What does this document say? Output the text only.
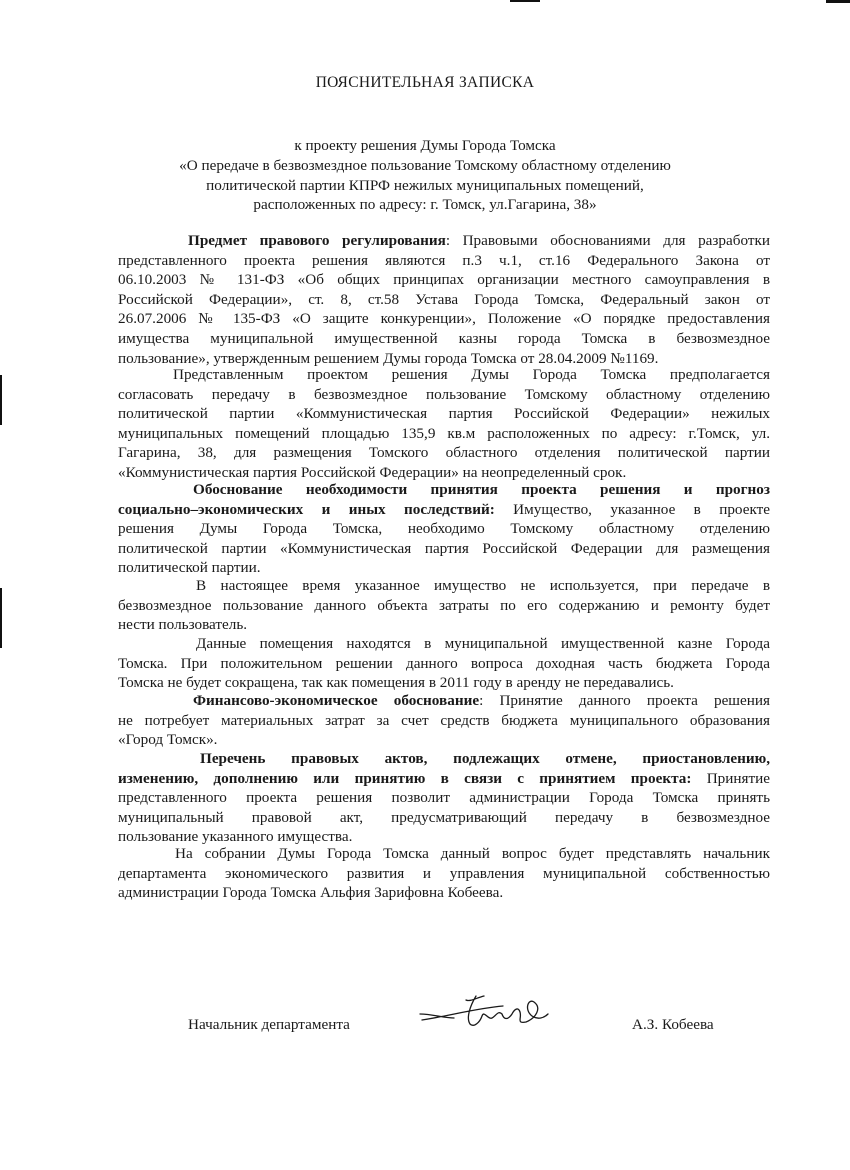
ПОЯСНИТЕЛЬНАЯ ЗАПИСКА
к проекту решения Думы Города Томска
«О передаче в безвозмездное пользование Томскому областному отделению
политической партии КПРФ нежилых муниципальных помещений,
расположенных по адресу: г. Томск, ул.Гагарина, 38»
Предмет правового регулирования: Правовыми обоснованиями для разработки
представленного проекта решения являются п.3 ч.1, ст.16 Федерального Закона от
06.10.2003 № 131-ФЗ «Об общих принципах организации местного самоуправления в
Российской Федерации», ст. 8, ст.58 Устава Города Томска, Федеральный закон от
26.07.2006 № 135-ФЗ «О защите конкуренции», Положение «О порядке предоставления
имущества муниципальной имущественной казны города Томска в безвозмездное
пользование», утвержденным решением Думы города Томска от 28.04.2009 №1169.
Представленным проектом решения Думы Города Томска предполагается
согласовать передачу в безвозмездное пользование Томскому областному отделению
политической партии «Коммунистическая партия Российской Федерации» нежилых
муниципальных помещений площадью 135,9 кв.м расположенных по адресу: г.Томск, ул.
Гагарина, 38, для размещения Томского областного отделения политической партии
«Коммунистическая партия Российской Федерации» на неопределенный срок.
Обоснование необходимости принятия проекта решения и прогноз
социально–экономических и иных последствий: Имущество, указанное в проекте
решения Думы Города Томска, необходимо Томскому областному отделению
политической партии «Коммунистическая партия Российской Федерации для размещения
политической партии.
В настоящее время указанное имущество не используется, при передаче в
безвозмездное пользование данного объекта затраты по его содержанию и ремонту будет
нести пользователь.
Данные помещения находятся в муниципальной имущественной казне Города
Томска. При положительном решении данного вопроса доходная часть бюджета Города
Томска не будет сокращена, так как помещения в 2011 году в аренду не передавались.
Финансово-экономическое обоснование: Принятие данного проекта решения
не потребует материальных затрат за счет средств бюджета муниципального образования
«Город Томск».
Перечень правовых актов, подлежащих отмене, приостановлению,
изменению, дополнению или принятию в связи с принятием проекта: Принятие
представленного проекта решения позволит администрации Города Томска принять
муниципальный правовой акт, предусматривающий передачу в безвозмездное
пользование указанного имущества.
На собрании Думы Города Томска данный вопрос будет представлять начальник
департамента экономического развития и управления муниципальной собственностью
администрации Города Томска Альфия Зарифовна Кобеева.
Начальник департамента	А.З. Кобеева
